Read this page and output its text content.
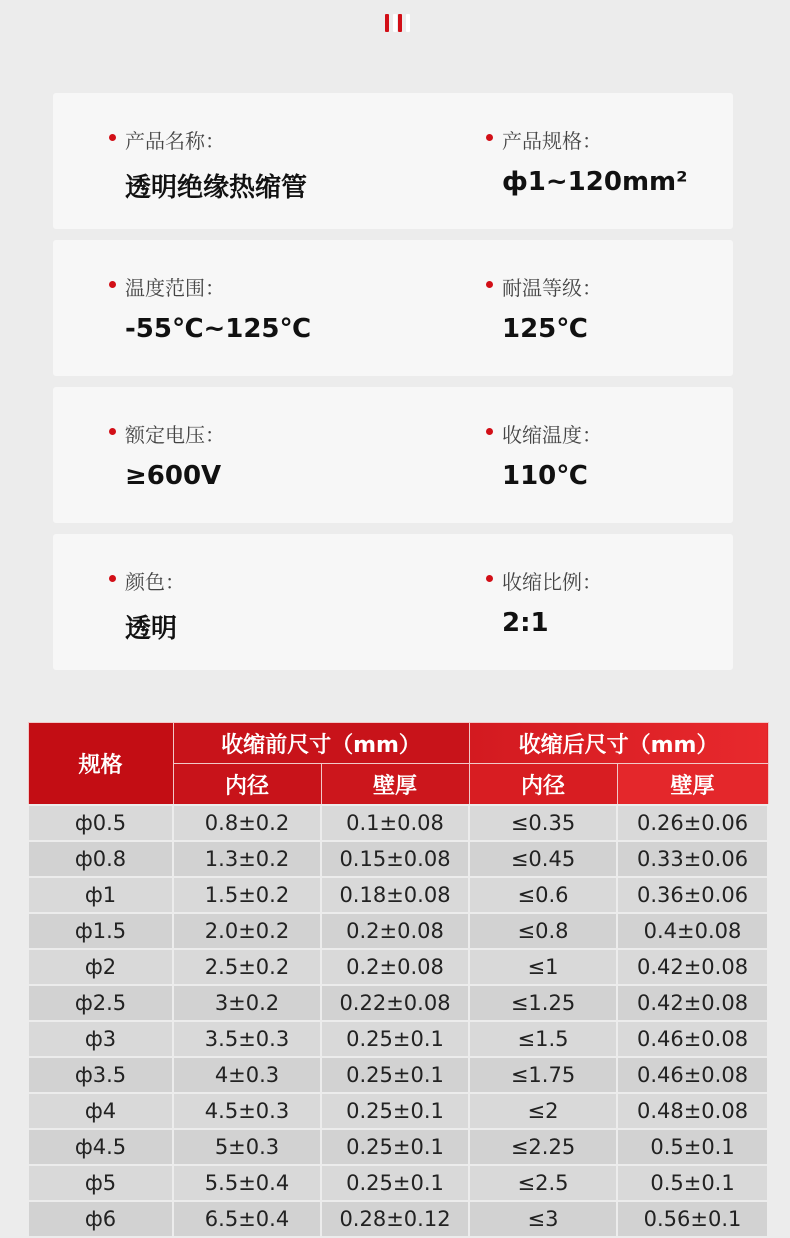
产品名称：
透明绝缘热缩管
产品规格：
ф1~120mm²
温度范围：
-55℃~125℃
耐温等级：
125℃
额定电压：
≥600V
收缩温度：
110℃
颜色：
透明
收缩比例：
2:1
规格	收缩前尺寸（mm）		收缩后尺寸（mm）	
	内径	壁厚	内径	壁厚
ф0.5	0.8±0.2	0.1±0.08	≤0.35	0.26±0.06
ф0.8	1.3±0.2	0.15±0.08	≤0.45	0.33±0.06
ф1	1.5±0.2	0.18±0.08	≤0.6	0.36±0.06
ф1.5	2.0±0.2	0.2±0.08	≤0.8	0.4±0.08
ф2	2.5±0.2	0.2±0.08	≤1	0.42±0.08
ф2.5	3±0.2	0.22±0.08	≤1.25	0.42±0.08
ф3	3.5±0.3	0.25±0.1	≤1.5	0.46±0.08
ф3.5	4±0.3	0.25±0.1	≤1.75	0.46±0.08
ф4	4.5±0.3	0.25±0.1	≤2	0.48±0.08
ф4.5	5±0.3	0.25±0.1	≤2.25	0.5±0.1
ф5	5.5±0.4	0.25±0.1	≤2.5	0.5±0.1
ф6	6.5±0.4	0.28±0.12	≤3	0.56±0.1
